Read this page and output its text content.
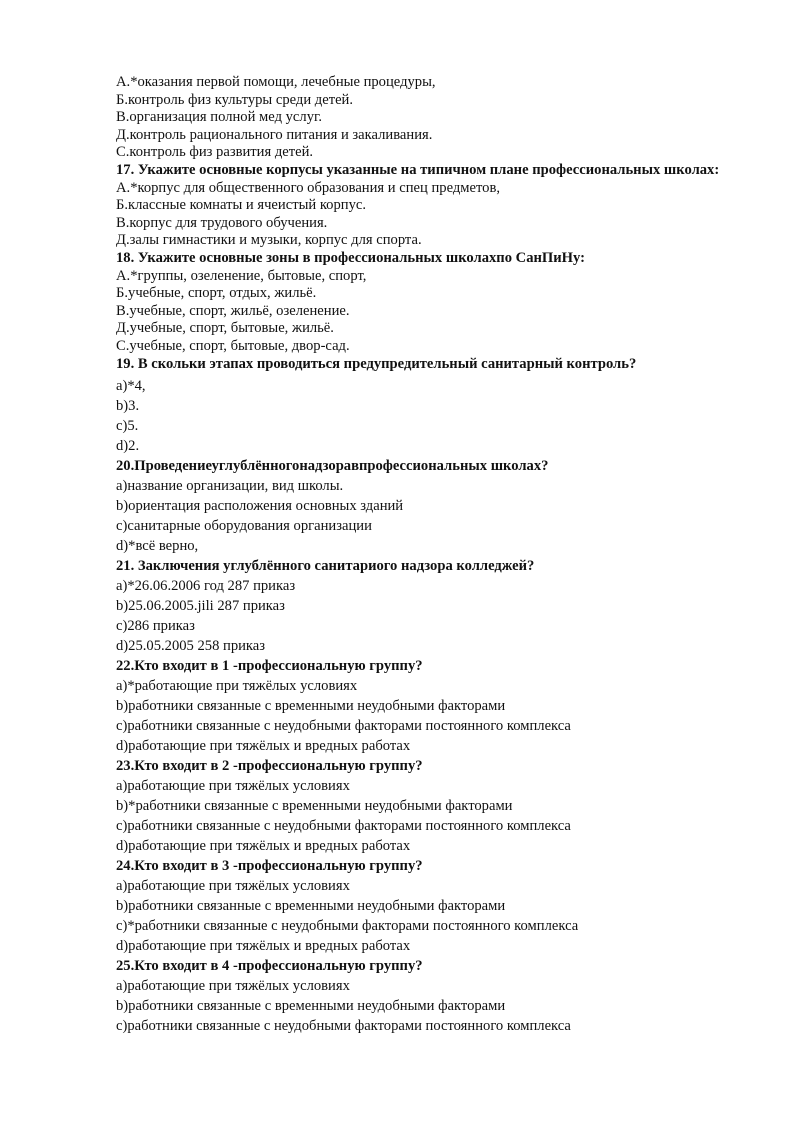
А.*оказания первой помощи, лечебные процедуры,
Б.контроль физ культуры среди детей.
В.организация полной мед услуг.
Д.контроль рационального питания и закаливания.
С.контроль физ развития детей.
17. Укажите основные корпусы указанные на типичном плане профессиональных школах:
А.*корпус для общественного образования и спец предметов,
Б.классные комнаты и ячеистый корпус.
В.корпус для трудового обучения.
Д.залы гимнастики и музыки, корпус для спорта.
18. Укажите основные зоны в профессиональных школахпо СанПиНу:
А.*группы, озеленение, бытовые, спорт,
Б.учебные, спорт, отдых, жильё.
В.учебные, спорт, жильё, озеленение.
Д.учебные, спорт, бытовые, жильё.
С.учебные, спорт, бытовые, двор-сад.
19. В скольки этапах проводиться предупредительный санитарный контроль?
a)*4,
b)3.
c)5.
d)2.
20.Проведениеуглублённогонадзоравпрофессиональных школах?
a)название организации, вид школы.
b)ориентация расположения основных зданий
c)санитарные оборудования организации
d)*всё верно,
21. Заключения углублённого санитариого надзора колледжей?
a)*26.06.2006 год 287 приказ
b)25.06.2005.jili 287 приказ
c)286 приказ
d)25.05.2005 258 приказ
22.Кто входит в 1 -профессиональную группу?
a)*работающие при тяжёлых условиях
b)работники связанные с временными неудобными факторами
c)работники связанные с неудобными факторами постоянного комплекса
d)работающие при тяжёлых и вредных работах
23.Кто входит в 2 -профессиональную группу?
a)работающие при тяжёлых условиях
b)*работники связанные с временными неудобными факторами
c)работники связанные с неудобными факторами постоянного комплекса
d)работающие при тяжёлых и вредных работах
24.Кто входит в 3 -профессиональную группу?
a)работающие при тяжёлых условиях
b)работники связанные с временными неудобными факторами
c)*работники связанные с неудобными факторами постоянного комплекса
d)работающие при тяжёлых и вредных работах
25.Кто входит в 4 -профессиональную группу?
a)работающие при тяжёлых условиях
b)работники связанные с временными неудобными факторами
c)работники связанные с неудобными факторами постоянного комплекса
